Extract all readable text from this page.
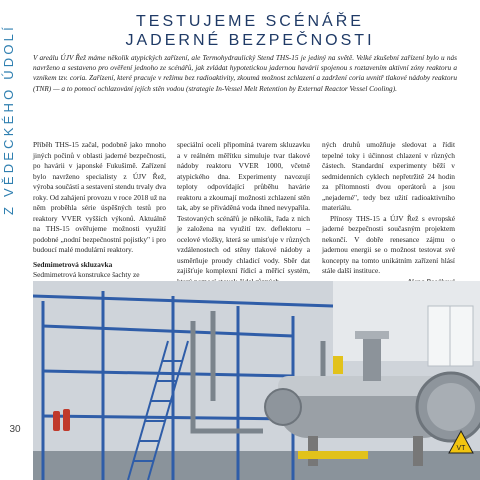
Z VĚDECKÉHO ÚDOLÍ
30
TESTUJEME SCÉNÁŘE
JADERNÉ BEZPEČNOSTI
V areálu ÚJV Řež máme několik atypických zařízení, ale Termohydraulický Stend THS-15 je jediný na světě. Velké zkušební zařízení bylo u nás navrženo a sestaveno pro ověření jednoho ze scénářů, jak zvládat hypotetickou jadernou havárii spojenou s roztavením aktivní zóny reaktoru a vznikem tzv. coria. Zařízení, které pracuje v režimu bez radioaktivity, zkoumá možnost zchlazení a zadržení coria uvnitř tlakové nádoby reaktoru (TNR) — a to pomocí ochlazování jejích stěn vodou (strategie In-Vessel Melt Retention by External Reactor Vessel Cooling).

Příběh THS-15 začal, podobně jako mnoho jiných počinů v oblasti jaderné bezpečnosti, po havárii v japonské Fukušimě. Zařízení bylo navrženo specialisty z ÚJV Řež, výroba součástí a sestavení stendu trvaly dva roky. Od zahájení provozu v roce 2018 už na něm proběhla série úspěšných testů pro reaktory VVER vyšších výkonů. Aktuálně na THS-15 ověřujeme možnosti využití podobné „nodní bezpečnostní pojistky" i pro budoucí malé modulární reaktory.

Sedmimetrová skluzavka

Sedmimetrová konstrukce šachty ze

speciální oceli připomíná tvarem skluzavku a v reálném měřítku simuluje tvar tlakové nádoby reaktoru VVER 1000, včetně atypického dna. Experimenty navozují teploty odpovídající průběhu havárie reaktoru a zkoumají možnosti zchlazení stěn tak, aby se přiváděná voda ihned nevypařila. Testovaných scénářů je několik, řada z nich je založena na využití tzv. deflektoru – ocelové vložky, která se umisťuje v různých vzdálenostech od stěny tlakové nádoby a usměrňuje proudy chladicí vody. Sběr dat zajišťuje komplexní řídicí a měřicí systém,

ných druhů umožňuje sledovat a řídit tepelné toky i účinnost chlazení v různých částech. Standardní experimenty běží v sedmidenních cyklech nepřetržitě 24 hodin za přítomnosti dvou operátorů a jsou „nejaderné", tedy bez užití radioaktivního materiálu.

Přínosy THS-15 a ÚJV Řež s evropské jaderné bezpečnosti současným projektem nekončí. V dobře renesance zájmu o jadernou energii se o možnost testovat své koncepty na tomto unikátním zařízení hlásí stále další instituce.

VT
